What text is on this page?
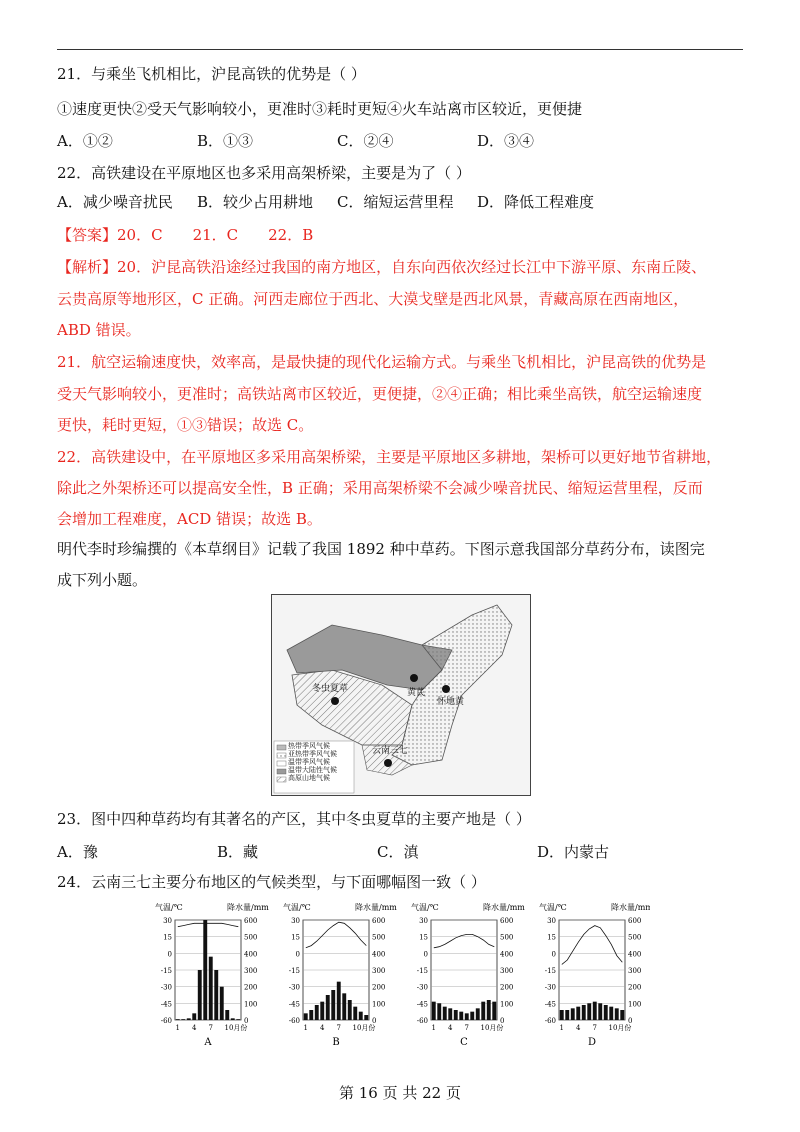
21．与乘坐飞机相比，沪昆高铁的优势是（ ）
①速度更快②受天气影响较小，更准时③耗时更短④火车站离市区较近，更便捷
A．①②	B．①③	C．②④	D．③④
22．高铁建设在平原地区也多采用高架桥梁，主要是为了（ ）
A．减少噪音扰民 B．较少占用耕地 C．缩短运营里程 D．降低工程难度
【答案】20．C　　21．C　　22．B
【解析】20．沪昆高铁沿途经过我国的南方地区，自东向西依次经过长江中下游平原、东南丘陵、
云贵高原等地形区，C 正确。河西走廊位于西北、大漠戈壁是西北风景，青藏高原在西南地区，
ABD 错误。
21．航空运输速度快，效率高，是最快捷的现代化运输方式。与乘坐飞机相比，沪昆高铁的优势是
受天气影响较小，更准时；高铁站离市区较近，更便捷，②④正确；相比乘坐高铁，航空运输速度
更快，耗时更短，①③错误；故选 C。
22．高铁建设中，在平原地区多采用高架桥梁，主要是平原地区多耕地，架桥可以更好地节省耕地，
除此之外架桥还可以提高安全性，B 正确；采用高架桥梁不会减少噪音扰民、缩短运营里程，反而
会增加工程难度，ACD 错误；故选 B。
明代李时珍编撰的《本草纲目》记载了我国 1892 种中草药。下图示意我国部分草药分布，读图完
成下列小题。
冬虫夏草	黄芪
怀地黄
云南三七
热带季风气候
亚热带季风气候
温带季风气候
温带大陆性气候
高原山地气候
23．图中四种草药均有其著名的产区，其中冬虫夏草的主要产地是（ ）
A．豫	B．藏	C．滇	D．内蒙古
24．云南三七主要分布地区的气候类型，与下面哪幅图一致（ ）
气温/℃	降水量/mm
30	600
15	500
0	400
-15	300
-30	200
-45	100
-60	0
1 4 7 10月份
A
气温/℃	降水量/mm
30	600
15	500
0	400
-15	300
-30	200
-45	100
-60	0
1 4 7 10月份
B
气温/℃	降水量/mm
30	600
15	500
0	400
-15	300
-30	200
-45	100
-60	0
1 4 7 10月份
C
气温/℃	降水量/mm
30	600
15	500
0	400
-15	300
-30	200
-45	100
-60	0
1 4 7 10月份
D
第 16 页 共 22 页
